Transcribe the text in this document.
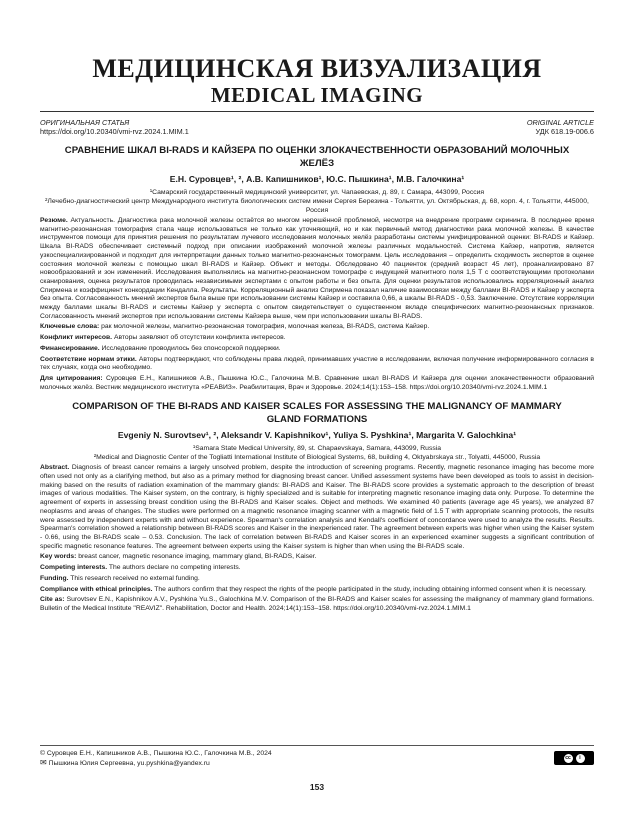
МЕДИЦИНСКАЯ ВИЗУАЛИЗАЦИЯ
MEDICAL IMAGING
ОРИГИНАЛЬНАЯ СТАТЬЯ
https://doi.org/10.20340/vmi-rvz.2024.1.MIM.1
ORIGINAL ARTICLE
УДК 618.19-006.6
СРАВНЕНИЕ ШКАЛ BI-RADS И КАЙЗЕРА ПО ОЦЕНКИ ЗЛОКАЧЕСТВЕННОСТИ ОБРАЗОВАНИЙ МОЛОЧНЫХ ЖЕЛЁЗ
Е.Н. Суровцев¹, ², А.В. Капишников¹, Ю.С. Пышкина¹, М.В. Галочкина¹
¹Самарский государственный медицинский университет, ул. Чапаевская, д. 89, г. Самара, 443099, Россия
²Лечебно-диагностический центр Международного института биологических систем имени Сергея Березина - Тольятти, ул. Октябрьская, д. 68, корп. 4, г. Тольятти, 445000, Россия

Резюме. Актуальность. Диагностика рака молочной железы остаётся во многом нерешённой проблемой, несмотря на внедрение программ скрининга. В последнее время магнитно-резонансная томография стала чаще использоваться не только как уточняющий, но и как первичный метод диагностики рака молочной железы. В качестве инструментов помощи для принятия решения по результатам лучевого исследования молочных желёз разработаны системы унифицированной оценки: BI-RADS и Кайзер. Шкала BI-RADS обеспечивает системный подход при описании изображений молочной железы различных модальностей. Система Кайзер, напротив, является узкоспециализированной и подходит для интерпретации данных только магнитно-резонансных томограмм. Цель исследования – определить сходимость экспертов в оценке состояния молочной железы с помощью шкал BI-RADS и Кайзер. Объект и методы. Обследовано 40 пациенток (средний возраст 45 лет), проанализировано 87 новообразований и зон изменений. Исследования выполнялись на магнитно-резонансном томографе с индукцией магнитного поля 1,5 Т с соответствующими протоколами сканирования, оценка результатов проводилась независимыми экспертами с опытом работы и без опыта. Для оценки результатов использовались корреляционный анализ Спирмена и коэффициент конкордации Кендалла. Результаты. Корреляционный анализ Спирмена показал наличие взаимосвязи между баллами BI-RADS и Кайзер у эксперта без опыта. Согласованность мнений экспертов была выше при использовании системы Кайзер и составила 0,66, а шкалы BI-RADS - 0,53. Заключение. Отсутствие корреляции между баллами шкалы BI-RADS и системы Кайзер у эксперта с опытом свидетельствует о существенном вкладе специфических магнитно-резонансных признаков. Согласованность мнений экспертов при использовании системы Кайзера выше, чем при использовании шкалы BI-RADS.

Ключевые слова: рак молочной железы, магнитно-резонансная томография, молочная железа, BI-RADS, система Кайзер.

Конфликт интересов. Авторы заявляют об отсутствии конфликта интересов.

Финансирование. Исследование проводилось без спонсорской поддержки.

Соответствие нормам этики. Авторы подтверждают, что соблюдены права людей, принимавших участие в исследовании, включая получение информированного согласия в тех случаях, когда оно необходимо.

Для цитирования: Суровцев Е.Н., Капишников А.В., Пышкина Ю.С., Галочкина М.В. Сравнение шкал BI-RADS И Кайзера для оценки злокачественности образований молочных желёз. Вестник медицинского института «РЕАВИЗ». Реабилитация, Врач и Здоровье. 2024;14(1):153–158. https://doi.org/10.20340/vmi-rvz.2024.1.MIM.1

COMPARISON OF THE BI-RADS AND KAISER SCALES FOR ASSESSING THE MALIGNANCY OF MAMMARY GLAND FORMATIONS
Evgeniy N. Surovtsev¹, ², Aleksandr V. Kapishnikov¹, Yuliya S. Pyshkina¹, Margarita V. Galochkina¹
¹Samara State Medical University, 89, st. Chapaevskaya, Samara, 443099, Russia
²Medical and Diagnostic Center of the Togliatti International Institute of Biological Systems, 68, building 4, Oktyabrskaya str., Tolyatti, 445000, Russia

Abstract. Diagnosis of breast cancer remains a largely unsolved problem, despite the introduction of screening programs. Recently, magnetic resonance imaging has become more often used not only as a clarifying method, but also as a primary method for diagnosing breast cancer. Unified assessment systems have been developed as tools to assist in decision-making based on the results of radiation examination of the mammary glands: BI-RADS and Kaiser. The BI-RADS score provides a systematic approach to the description of breast images of various modalities. The Kaiser system, on the contrary, is highly specialized and is suitable for interpreting magnetic resonance imaging data only. Purpose. To determine the agreement of experts in assessing breast condition using the BI-RADS and Kaiser scales. Object and methods. We examined 40 patients (average age 45 years), we analyzed 87 neoplasms and areas of changes. The studies were performed on a magnetic resonance imaging scanner with a magnetic field of 1.5 T with appropriate scanning protocols, the results were assessed by independent experts with and without experience. Spearman's correlation analysis and Kendall's coefficient of concordance were used to analyze the results. Results. Spearman's correlation showed a relationship between BI-RADS scores and Kaiser in the inexperienced rater. The agreement between experts was higher when using the Kaiser system - 0.66, using the BI-RADS scale – 0.53. Conclusion. The lack of correlation between BI-RADS and Kaiser scores in an experienced examiner suggests a significant contribution of specific magnetic resonance features. The agreement between experts using the Kaiser system is higher than when using the BI-RADS scale.

Key words: breast cancer, magnetic resonance imaging, mammary gland, BI-RADS, Kaiser.

Competing interests. The authors declare no competing interests.

Funding. This research received no external funding.

Compliance with ethical principles. The authors confirm that they respect the rights of the people participated in the study, including obtaining informed consent when it is necessary.

Cite as: Surovtsev E.N., Kapishnikov A.V., Pyshkina Yu.S., Galochkina M.V. Comparison of the BI-RADS and Kaiser scales for assessing the malignancy of mammary gland formations. Bulletin of the Medical Institute "REAVIZ". Rehabilitation, Doctor and Health. 2024;14(1):153–158. https://doi.org/10.20340/vmi-rvz.2024.1.MIM.1

© Суровцев Е.Н., Капишников А.В., Пышкина Ю.С., Галочкина М.В., 2024
✉ Пышкина Юлия Сергеевна, yu.pyshkina@yandex.ru
cc	i
153
